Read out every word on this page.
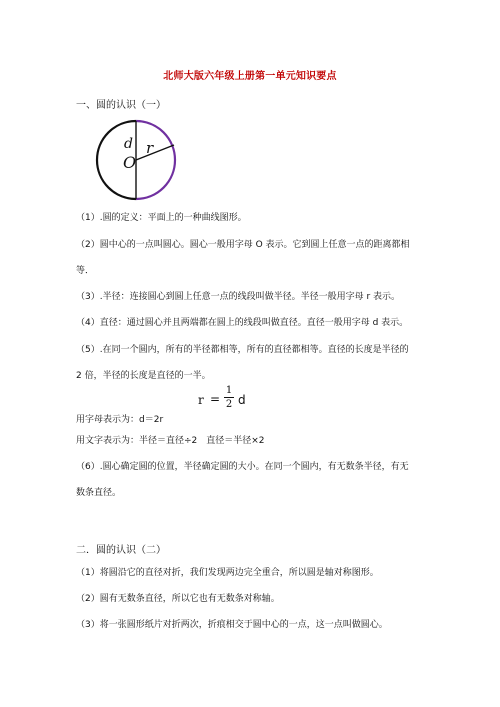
北师大版六年级上册第一单元知识要点
一、圆的认识（一）
d
O
r
（1）.圆的定义：平面上的一种曲线图形。
（2）圆中心的一点叫圆心。圆心一般用字母 O 表示。它到圆上任意一点的距离都相
等．
（3）.半径：连接圆心到圆上任意一点的线段叫做半径。半径一般用字母 r 表示。
（4）直径：通过圆心并且两端都在圆上的线段叫做直径。直径一般用字母 d 表示。
（5）.在同一个圆内，所有的半径都相等，所有的直径都相等。直径的长度是半径的
2 倍，半径的长度是直径的一半。
r =
1
2 d
用字母表示为：d＝2r
用文字表示为：半径＝直径÷2　直径＝半径×2
（6）.圆心确定圆的位置，半径确定圆的大小。在同一个圆内，有无数条半径，有无
数条直径。
二．圆的认识（二）
（1）将圆沿它的直径对折，我们发现两边完全重合，所以圆是轴对称图形。
（2）圆有无数条直径，所以它也有无数条对称轴。
（3）将一张圆形纸片对折两次，折痕相交于圆中心的一点，这一点叫做圆心。
